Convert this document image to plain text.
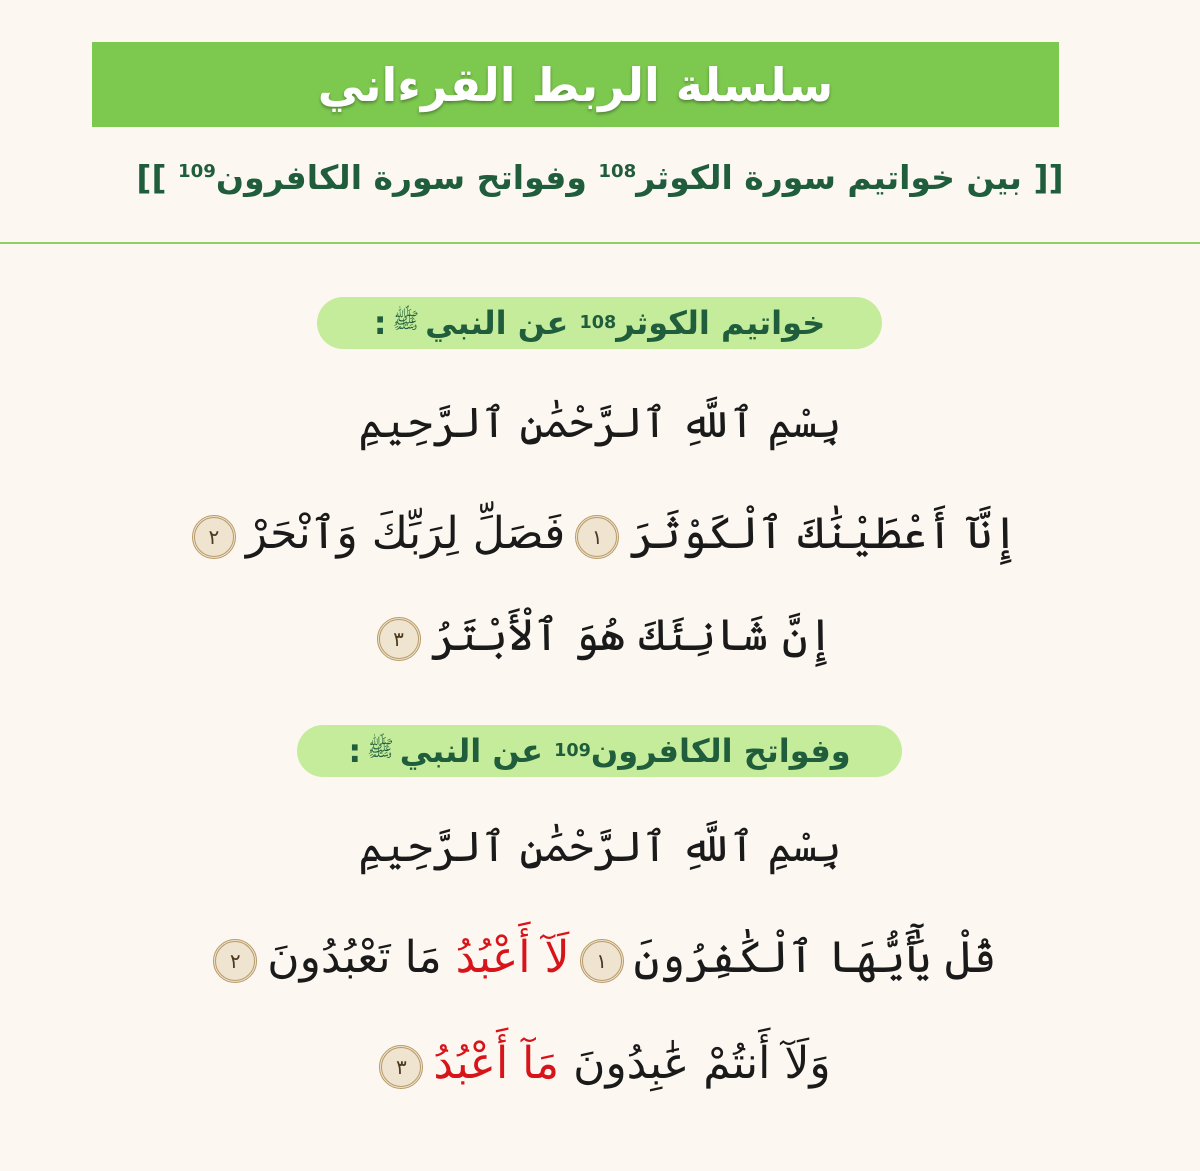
سلسلة الربط القرءاني
[[ بين خواتيم سورة الكوثر$^{108}$ وفواتح سورة الكافرون$^{109}$ ]]
خواتيم الكوثر
108

عن النبي
ﷺ
:
بِسْمِ ٱللَّهِ ٱلرَّحْمَٰنِ ٱلرَّحِيمِ
إِنَّآ أَعْطَيْنَٰكَ ٱلْكَوْثَرَ١فَصَلِّ لِرَبِّكَ وَٱنْحَرْ٢
إِنَّ شَانِئَكَ هُوَ ٱلْأَبْتَرُ٣
وفواتح الكافرون
109

عن النبي
ﷺ
:
بِسْمِ ٱللَّهِ ٱلرَّحْمَٰنِ ٱلرَّحِيمِ
قُلْ يَٰٓأَيُّهَا ٱلْكَٰفِرُونَ١لَآ أَعْبُدُ مَا تَعْبُدُونَ٢
وَلَآ أَنتُمْ عَٰبِدُونَ مَآ أَعْبُدُ٣
